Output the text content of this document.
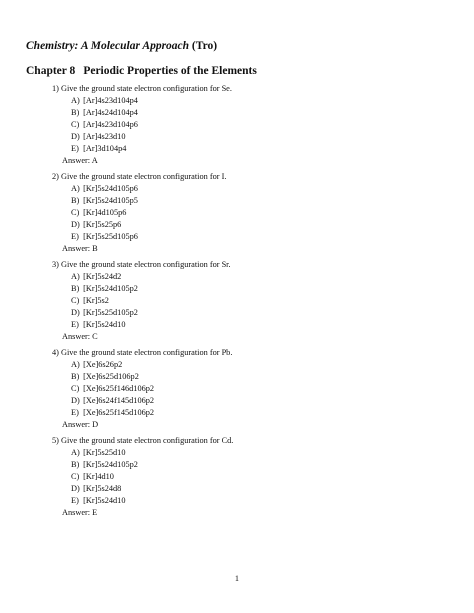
Chemistry: A Molecular Approach (Tro)
Chapter 8 Periodic Properties of the Elements
1) Give the ground state electron configuration for Se.
A) [Ar]4s23d104p4
B) [Ar]4s24d104p4
C) [Ar]4s23d104p6
D) [Ar]4s23d10
E) [Ar]3d104p4
Answer: A
2) Give the ground state electron configuration for I.
A) [Kr]5s24d105p6
B) [Kr]5s24d105p5
C) [Kr]4d105p6
D) [Kr]5s25p6
E) [Kr]5s25d105p6
Answer: B
3) Give the ground state electron configuration for Sr.
A) [Kr]5s24d2
B) [Kr]5s24d105p2
C) [Kr]5s2
D) [Kr]5s25d105p2
E) [Kr]5s24d10
Answer: C
4) Give the ground state electron configuration for Pb.
A) [Xe]6s26p2
B) [Xe]6s25d106p2
C) [Xe]6s25f146d106p2
D) [Xe]6s24f145d106p2
E) [Xe]6s25f145d106p2
Answer: D
5) Give the ground state electron configuration for Cd.
A) [Kr]5s25d10
B) [Kr]5s24d105p2
C) [Kr]4d10
D) [Kr]5s24d8
E) [Kr]5s24d10
Answer: E
1
